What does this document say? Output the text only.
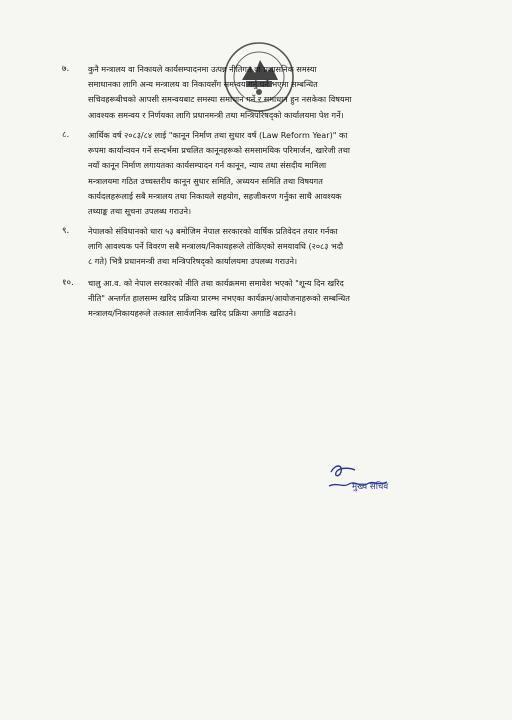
७.	कुनै मन्त्रालय वा निकायले कार्यसम्पादनमा उत्पन्न नीतिगत वा प्रशासनिक समस्या
समाधानका लागि अन्य मन्त्रालय वा निकायसँग समन्वय गर्नु पर्ने भएमा सम्बन्धित
सचिवहरूबीचको आपसी समन्वयबाट समस्या समाधान गर्ने र समाधान हुन नसकेका विषयमा
आवश्यक समन्वय र निर्णयका लागि प्रधानमन्त्री तथा मन्त्रिपरिषद्को कार्यालयमा पेश गर्ने।
८.	आर्थिक वर्ष २०८३/८४ लाई "कानून निर्माण तथा सुधार वर्ष (Law Reform Year)" का
रूपमा कार्यान्वयन गर्ने सन्दर्भमा प्रचलित कानूनहरूको समसामयिक परिमार्जन, खारेजी तथा
नयाँ कानून निर्माण लगायतका कार्यसम्पादन गर्न कानून, न्याय तथा संसदीय मामिला
मन्त्रालयमा गठित उच्चस्तरीय कानून सुधार समिति, अध्ययन समिति तथा विषयगत
कार्यदलहरूलाई सबै मन्त्रालय तथा निकायले सहयोग, सहजीकरण गर्नुका साथै आवश्यक
तथ्याङ्क तथा सूचना उपलब्ध गराउने।
९.	नेपालको संविधानको धारा ५३ बमोजिम नेपाल सरकारको वार्षिक प्रतिवेदन तयार गर्नका
लागि आवश्यक पर्ने विवरण सबै मन्त्रालय/निकायहरूले तोकिएको समयावधि (२०८३ भदौ
८ गते) भित्रै प्रधानमन्त्री तथा मन्त्रिपरिषद्को कार्यालयमा उपलब्ध गराउने।
१०.	चालु आ.व. को नेपाल सरकारको नीति तथा कार्यक्रममा समावेश भएको "शून्य दिन खरिद
नीति" अन्तर्गत हालसम्म खरिद प्रक्रिया प्रारम्भ नभएका कार्यक्रम/आयोजनाहरूको सम्बन्धित
मन्त्रालय/निकायहरूले तत्काल सार्वजनिक खरिद प्रक्रिया अगाडि बढाउने।
मुख्य सचिव
